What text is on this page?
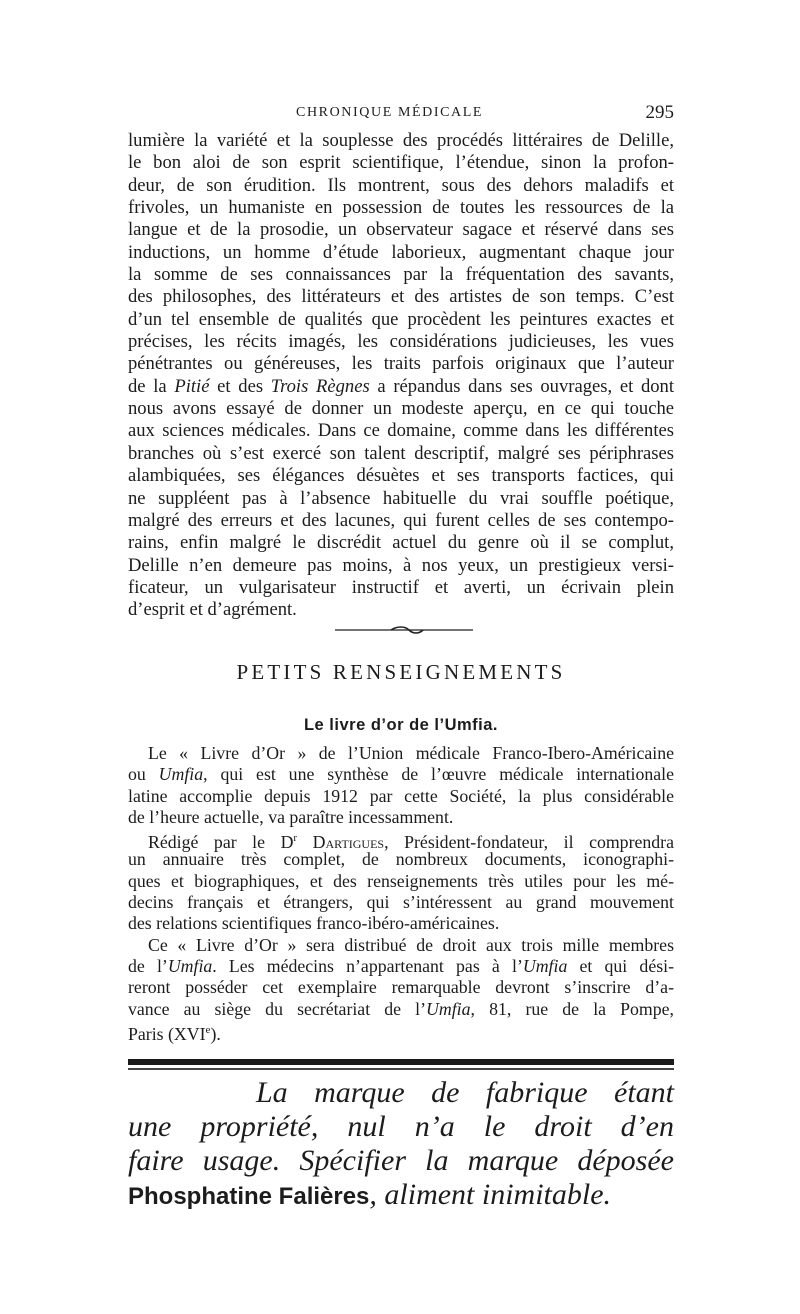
CHRONIQUE MÉDICALE	295
lumière la variété et la souplesse des procédés littéraires de Delille,
le bon aloi de son esprit scientifique, l’étendue, sinon la profon-
deur, de son érudition. Ils montrent, sous des dehors maladifs et
frivoles, un humaniste en possession de toutes les ressources de la
langue et de la prosodie, un observateur sagace et réservé dans ses
inductions, un homme d’étude laborieux, augmentant chaque jour
la somme de ses connaissances par la fréquentation des savants,
des philosophes, des littérateurs et des artistes de son temps. C’est
d’un tel ensemble de qualités que procèdent les peintures exactes et
précises, les récits imagés, les considérations judicieuses, les vues
pénétrantes ou généreuses, les traits parfois originaux que l’auteur
de la Pitié et des Trois Règnes a répandus dans ses ouvrages, et dont
nous avons essayé de donner un modeste aperçu, en ce qui touche
aux sciences médicales. Dans ce domaine, comme dans les différentes
branches où s’est exercé son talent descriptif, malgré ses périphrases
alambiquées, ses élégances désuètes et ses transports factices, qui
ne suppléent pas à l’absence habituelle du vrai souffle poétique,
malgré des erreurs et des lacunes, qui furent celles de ses contempo-
rains, enfin malgré le discrédit actuel du genre où il se complut,
Delille n’en demeure pas moins, à nos yeux, un prestigieux versi-
ficateur, un vulgarisateur instructif et averti, un écrivain plein
d’esprit et d’agrément.
PETITS RENSEIGNEMENTS
Le livre d’or de l’Umfia.
Le « Livre d’Or » de l’Union médicale Franco-Ibero-Américaine
ou Umfia, qui est une synthèse de l’œuvre médicale internationale
latine accomplie depuis 1912 par cette Société, la plus considérable
de l’heure actuelle, va paraître incessamment.
Rédigé par le $D^r$ Dartigues, Président-fondateur, il comprendra
un annuaire très complet, de nombreux documents, iconographi-
ques et biographiques, et des renseignements très utiles pour les mé-
decins français et étrangers, qui s’intéressent au grand mouvement
des relations scientifiques franco-ibéro-américaines.
Ce « Livre d’Or » sera distribué de droit aux trois mille membres
de l’Umfia. Les médecins n’appartenant pas à l’Umfia et qui dési-
reront posséder cet exemplaire remarquable devront s’inscrire d’a-
vance au siège du secrétariat de l’Umfia, 81, rue de la Pompe,
Paris (XVIe).
La marque de fabrique étant
une propriété, nul n’a le droit d’en
faire usage. Spécifier la marque déposée
Phosphatine Falières, aliment inimitable.
